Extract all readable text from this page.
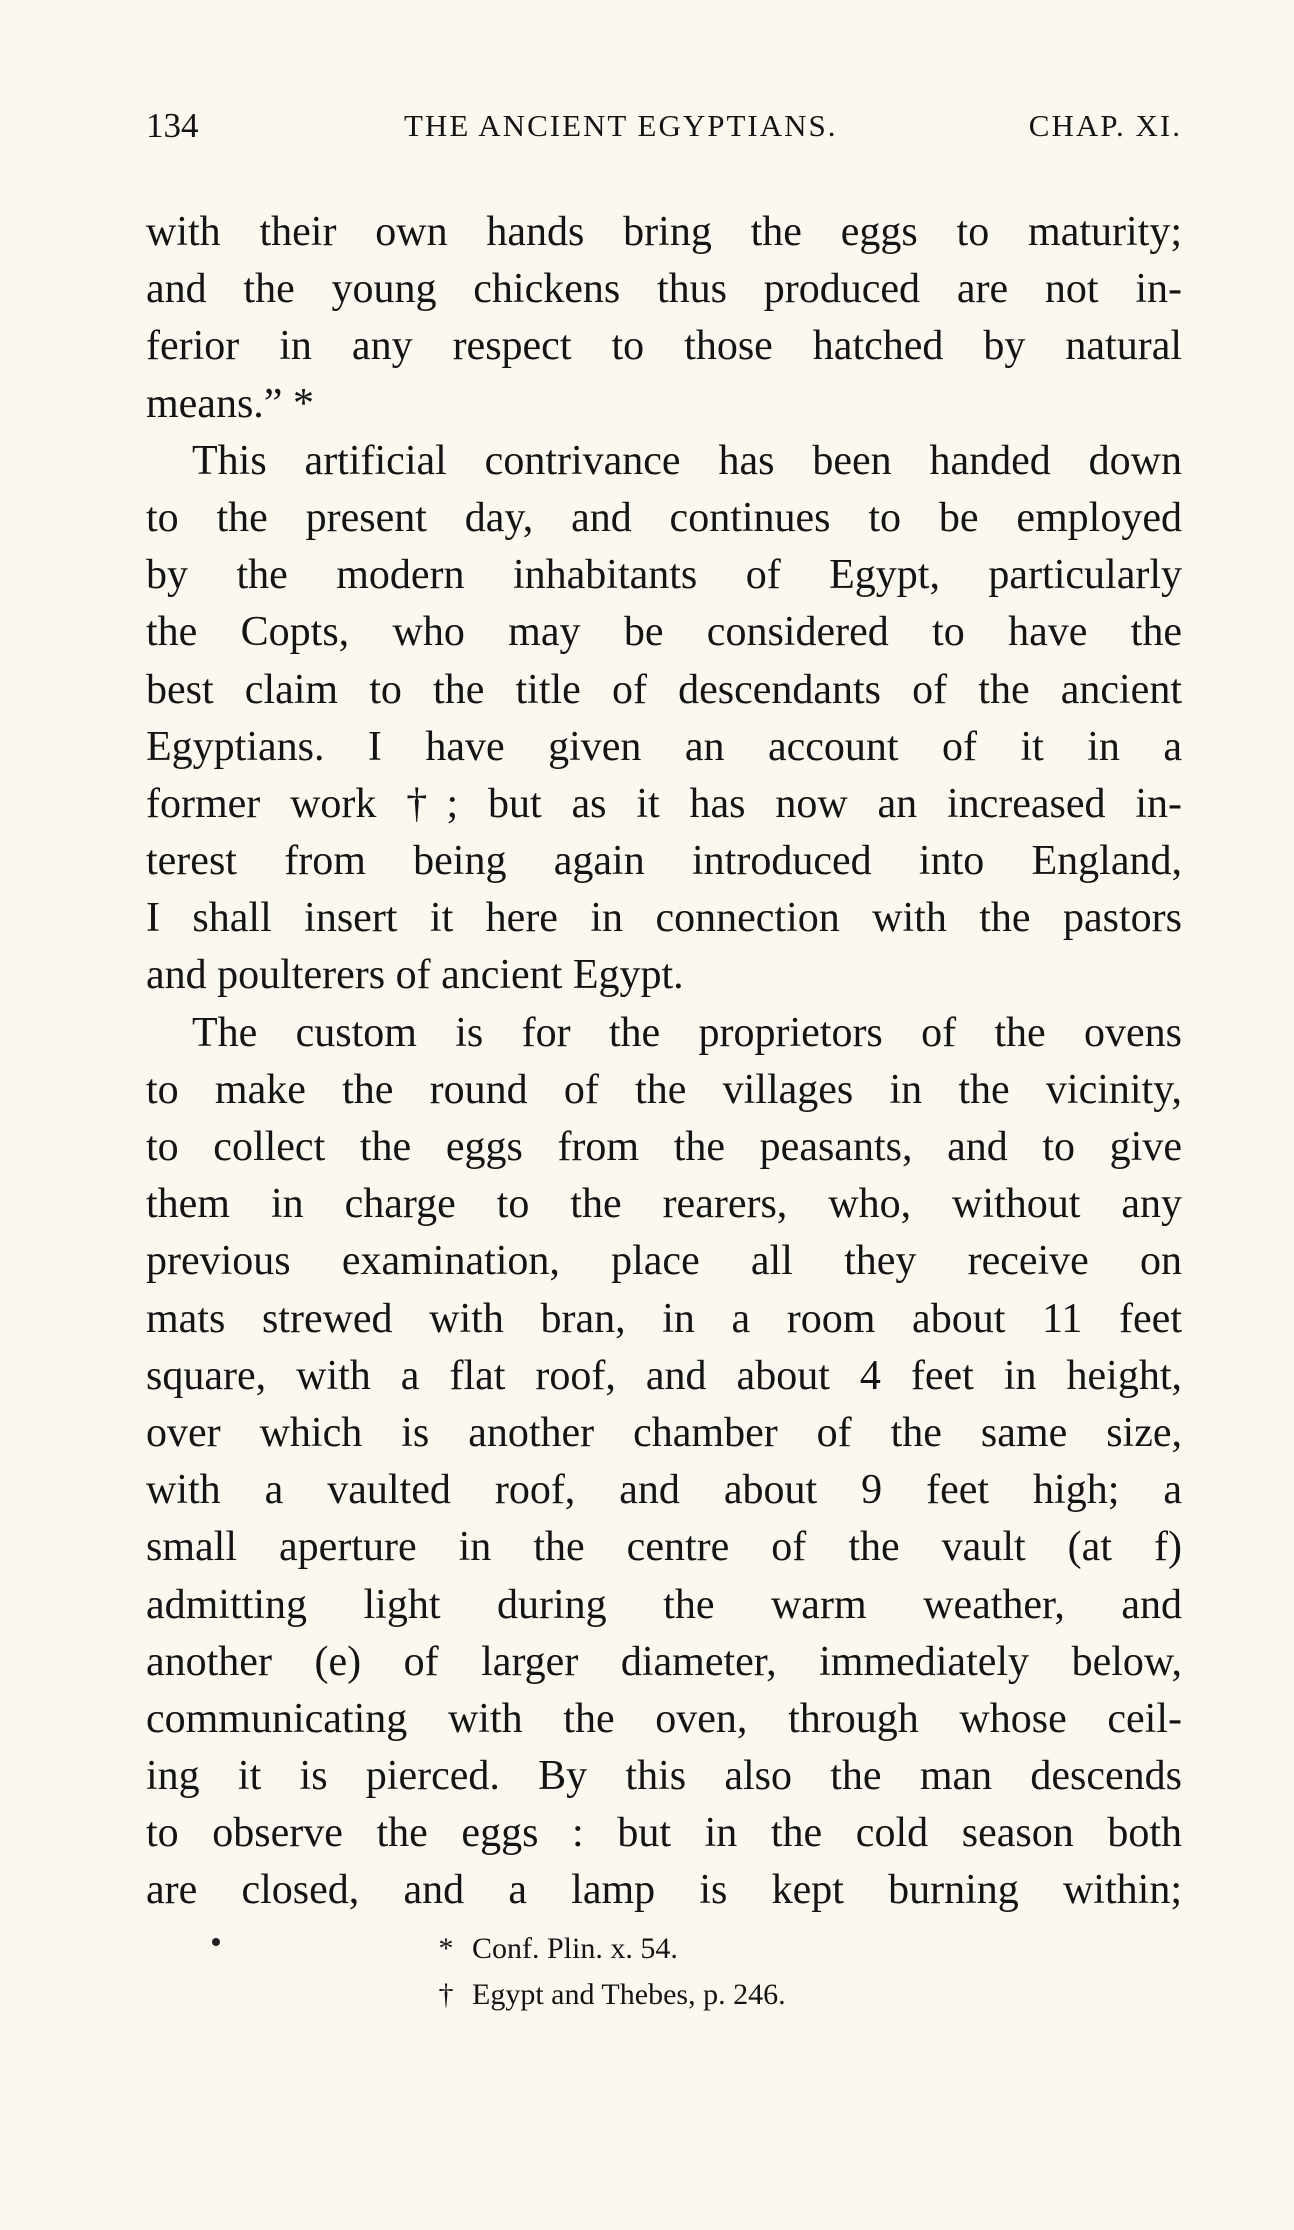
134	THE ANCIENT EGYPTIANS.	CHAP. XI.
with their own hands bring the eggs to maturity;
and the young chickens thus produced are not in-
ferior in any respect to those hatched by natural
means.” *
This artificial contrivance has been handed down
to the present day, and continues to be employed
by the modern inhabitants of Egypt, particularly
the Copts, who may be considered to have the
best claim to the title of descendants of the ancient
Egyptians. I have given an account of it in a
former work †; but as it has now an increased in-
terest from being again introduced into England,
I shall insert it here in connection with the pastors
and poulterers of ancient Egypt.
The custom is for the proprietors of the ovens
to make the round of the villages in the vicinity,
to collect the eggs from the peasants, and to give
them in charge to the rearers, who, without any
previous examination, place all they receive on
mats strewed with bran, in a room about 11 feet
square, with a flat roof, and about 4 feet in height,
over which is another chamber of the same size,
with a vaulted roof, and about 9 feet high; a
small aperture in the centre of the vault (at f)
admitting light during the warm weather, and
another (e) of larger diameter, immediately below,
communicating with the oven, through whose ceil-
ing it is pierced. By this also the man descends
to observe the eggs : but in the cold season both
are closed, and a lamp is kept burning within;
* Conf. Plin. x. 54.
† Egypt and Thebes, p. 246.
